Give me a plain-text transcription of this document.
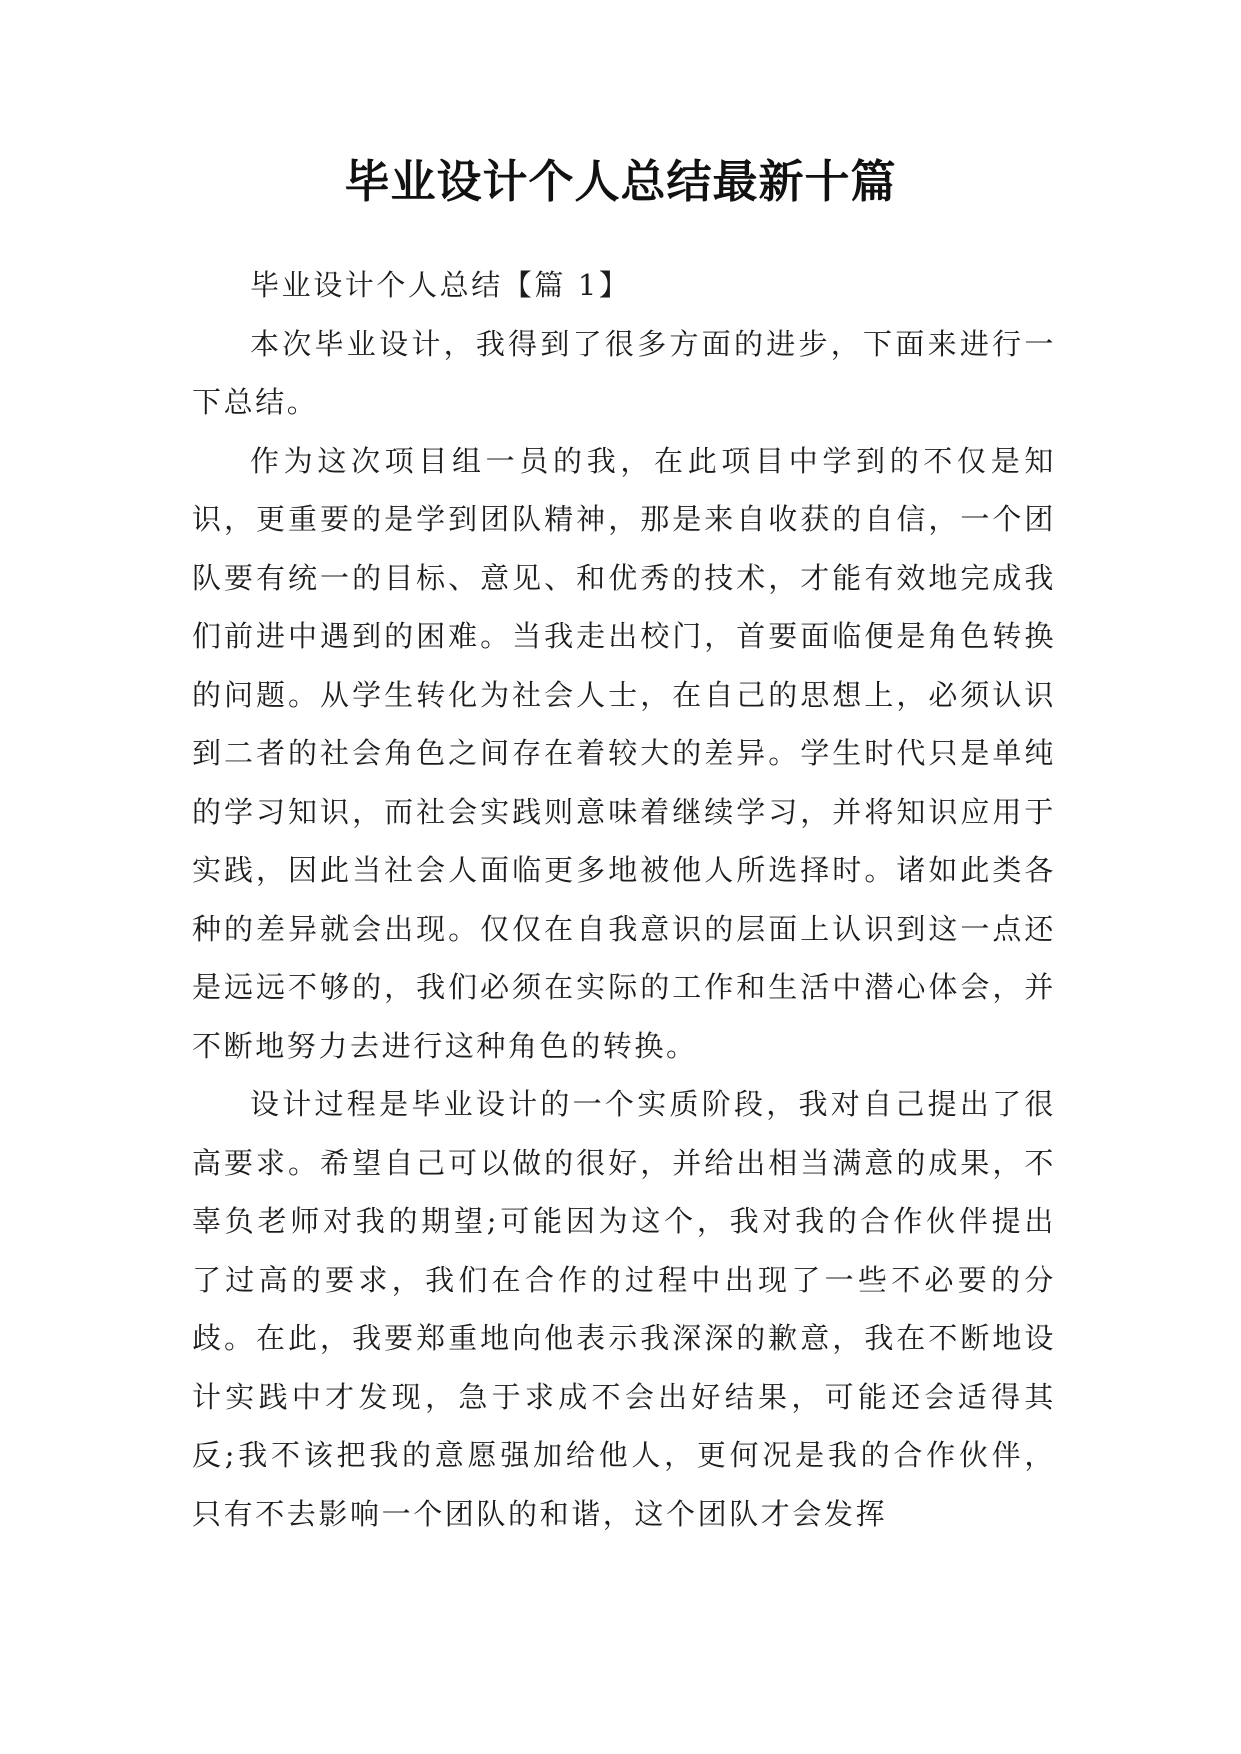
毕业设计个人总结最新十篇

毕业设计个人总结【篇 1】

本次毕业设计，我得到了很多方面的进步，下面来进行一下总结。

作为这次项目组一员的我，在此项目中学到的不仅是知识，更重要的是学到团队精神，那是来自收获的自信，一个团队要有统一的目标、意见、和优秀的技术，才能有效地完成我们前进中遇到的困难。当我走出校门，首要面临便是角色转换的问题。从学生转化为社会人士，在自己的思想上，必须认识到二者的社会角色之间存在着较大的差异。学生时代只是单纯的学习知识，而社会实践则意味着继续学习，并将知识应用于实践，因此当社会人面临更多地被他人所选择时。诸如此类各种的差异就会出现。仅仅在自我意识的层面上认识到这一点还是远远不够的，我们必须在实际的工作和生活中潜心体会，并不断地努力去进行这种角色的转换。

设计过程是毕业设计的一个实质阶段，我对自己提出了很高要求。希望自己可以做的很好，并给出相当满意的成果，不辜负老师对我的期望;可能因为这个，我对我的合作伙伴提出了过高的要求，我们在合作的过程中出现了一些不必要的分歧。在此，我要郑重地向他表示我深深的歉意，我在不断地设计实践中才发现，急于求成不会出好结果，可能还会适得其反;我不该把我的意愿强加给他人，更何况是我的合作伙伴，只有不去影响一个团队的和谐，这个团队才会发挥
